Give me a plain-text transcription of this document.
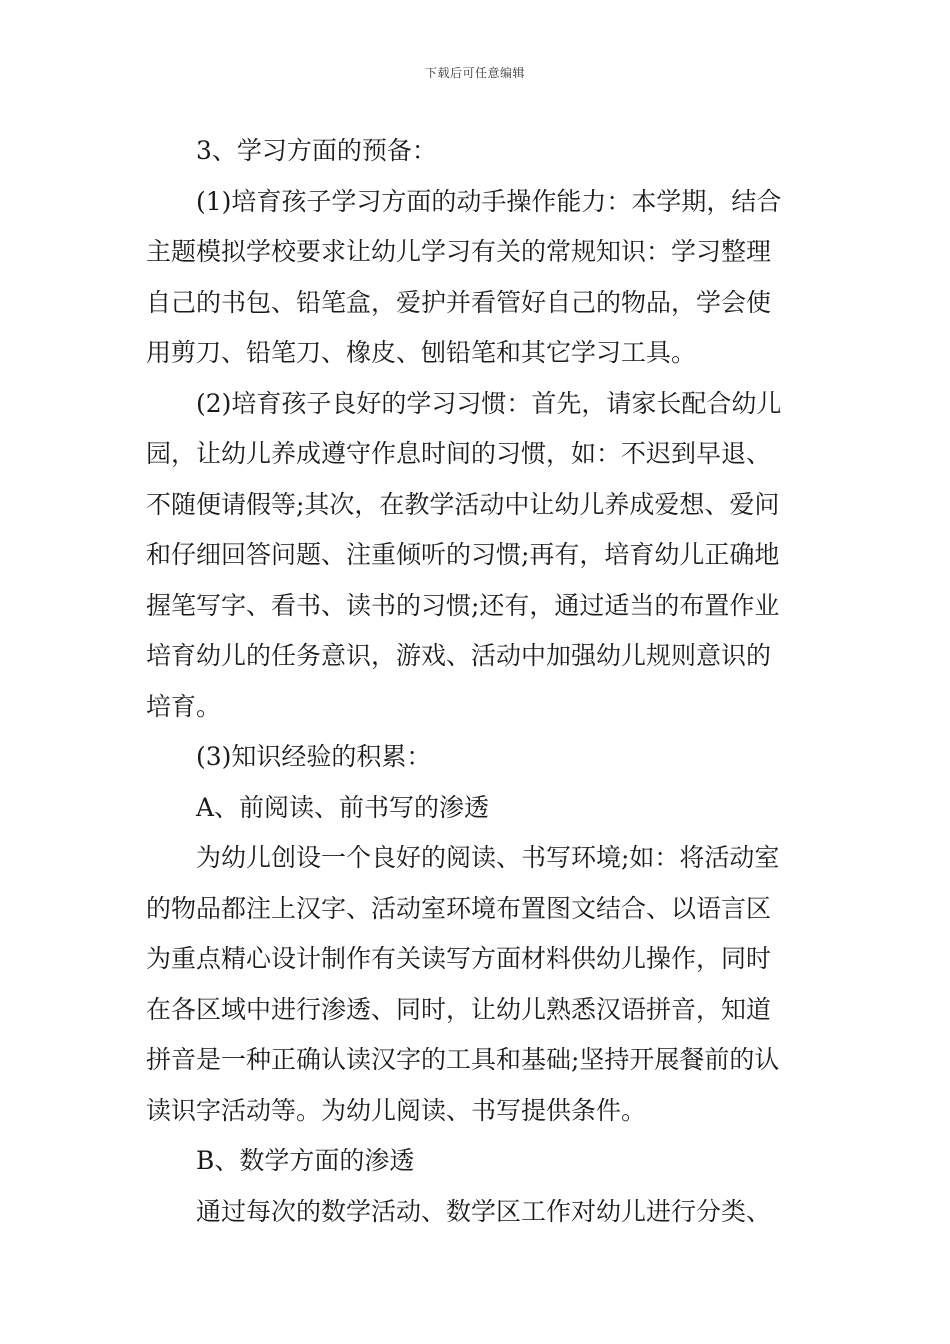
下载后可任意编辑
3、学习方面的预备：
(1)培育孩子学习方面的动手操作能力：本学期，结合
主题模拟学校要求让幼儿学习有关的常规知识：学习整理
自己的书包、铅笔盒，爱护并看管好自己的物品，学会使
用剪刀、铅笔刀、橡皮、刨铅笔和其它学习工具。
(2)培育孩子良好的学习习惯：首先，请家长配合幼儿
园，让幼儿养成遵守作息时间的习惯，如：不迟到早退、
不随便请假等;其次，在教学活动中让幼儿养成爱想、爱问
和仔细回答问题、注重倾听的习惯;再有，培育幼儿正确地
握笔写字、看书、读书的习惯;还有，通过适当的布置作业
培育幼儿的任务意识，游戏、活动中加强幼儿规则意识的
培育。
(3)知识经验的积累：
A、前阅读、前书写的渗透
为幼儿创设一个良好的阅读、书写环境;如：将活动室
的物品都注上汉字、活动室环境布置图文结合、以语言区
为重点精心设计制作有关读写方面材料供幼儿操作，同时
在各区域中进行渗透、同时，让幼儿熟悉汉语拼音，知道
拼音是一种正确认读汉字的工具和基础;坚持开展餐前的认
读识字活动等。为幼儿阅读、书写提供条件。
B、数学方面的渗透
通过每次的数学活动、数学区工作对幼儿进行分类、
